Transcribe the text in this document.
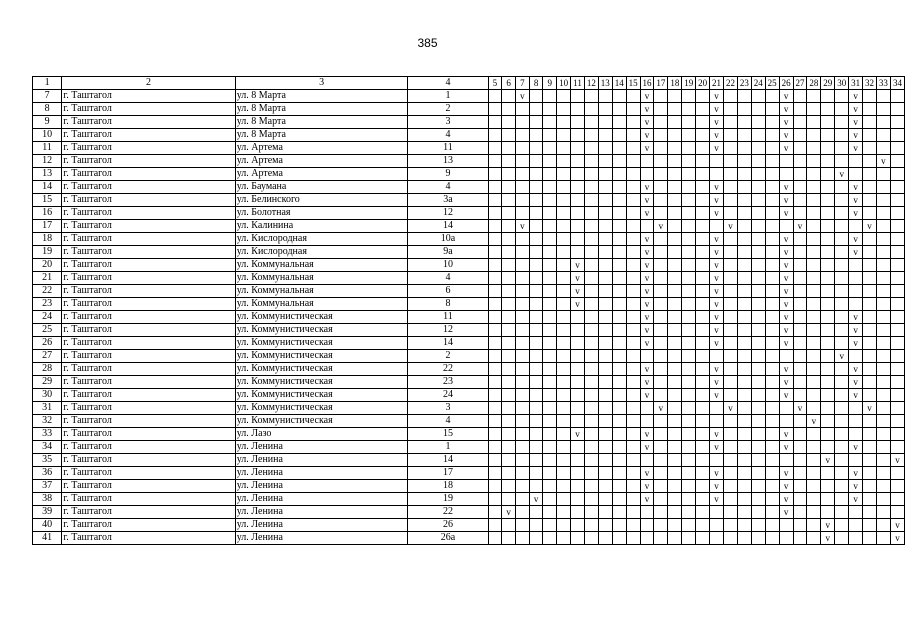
385
1	2	3	4	5	6	7	8	9	10	11	12	13	14	15	16	17	18	19	20	21	22	23	24	25	26	27	28	29	30	31	32	33	34
7	г. Таштагол	ул. 8 Марта	1			v									v					v					v					v			
8	г. Таштагол	ул. 8 Марта	2												v					v					v					v			
9	г. Таштагол	ул. 8 Марта	3												v					v					v					v			
10	г. Таштагол	ул. 8 Марта	4												v					v					v					v			
11	г. Таштагол	ул. Артема	11												v					v					v					v			
12	г. Таштагол	ул. Артема	13																													v	
13	г. Таштагол	ул. Артема	9																										v				
14	г. Таштагол	ул. Баумана	4												v					v					v					v			
15	г. Таштагол	ул. Белинского	3а												v					v					v					v			
16	г. Таштагол	ул. Болотная	12												v					v					v					v			
17	г. Таштагол	ул. Калинина	14			v										v					v					v					v		
18	г. Таштагол	ул. Кислородная	10а												v					v					v					v			
19	г. Таштагол	ул. Кислородная	9а												v					v					v					v			
20	г. Таштагол	ул. Коммунальная	10							v					v					v					v								
21	г. Таштагол	ул. Коммунальная	4							v					v					v					v								
22	г. Таштагол	ул. Коммунальная	6							v					v					v					v								
23	г. Таштагол	ул. Коммунальная	8							v					v					v					v								
24	г. Таштагол	ул. Коммунистическая	11												v					v					v					v			
25	г. Таштагол	ул. Коммунистическая	12												v					v					v					v			
26	г. Таштагол	ул. Коммунистическая	14												v					v					v					v			
27	г. Таштагол	ул. Коммунистическая	2																										v				
28	г. Таштагол	ул. Коммунистическая	22												v					v					v					v			
29	г. Таштагол	ул. Коммунистическая	23												v					v					v					v			
30	г. Таштагол	ул. Коммунистическая	24												v					v					v					v			
31	г. Таштагол	ул. Коммунистическая	3													v					v					v					v		
32	г. Таштагол	ул. Коммунистическая	4																								v						
33	г. Таштагол	ул. Лазо	15							v					v					v					v								
34	г. Таштагол	ул. Ленина	1												v					v					v					v			
35	г. Таштагол	ул. Ленина	14																									v					v
36	г. Таштагол	ул. Ленина	17												v					v					v					v			
37	г. Таштагол	ул. Ленина	18												v					v					v					v			
38	г. Таштагол	ул. Ленина	19				v								v					v					v					v			
39	г. Таштагол	ул. Ленина	22		v																				v								
40	г. Таштагол	ул. Ленина	26																									v					v
41	г. Таштагол	ул. Ленина	26а																									v					v
